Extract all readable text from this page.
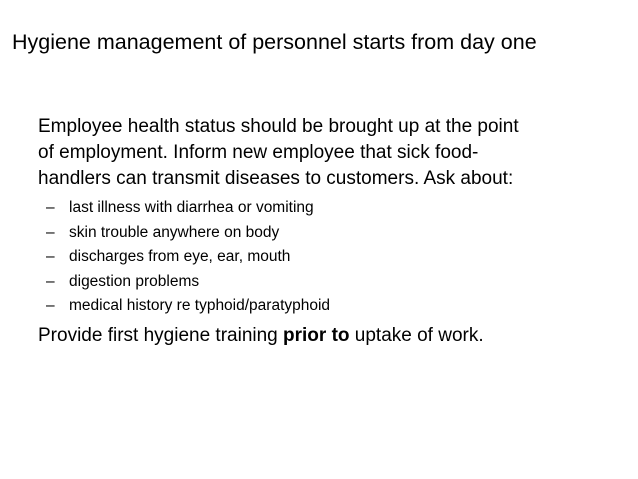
Hygiene management of personnel starts from day one

Employee health status should be brought up at the point
of employment. Inform new employee that sick food-
handlers can transmit diseases to customers. Ask about:

– last illness with diarrhea or vomiting
– skin trouble anywhere on body
– discharges from eye, ear, mouth
– digestion problems
– medical history re typhoid/paratyphoid
Provide first hygiene training prior to uptake of work.
